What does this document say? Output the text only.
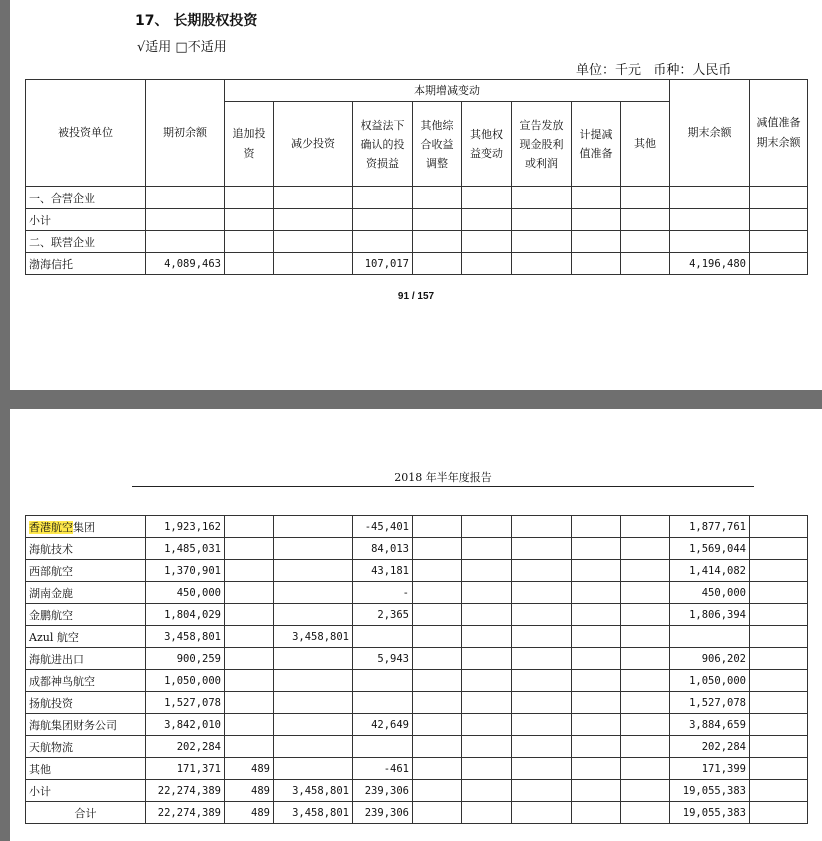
17、 长期股权投资
√适用 □不适用
单位：千元   币种：人民币
被投资单位	期初余额	本期增减变动								期末余额	减值准备期末余额
		追加投资	减少投资	权益法下确认的投资损益	其他综合收益调整	其他权益变动	宣告发放现金股利或利润	计提减值准备	其他		
一、合营企业											
小计											
二、联营企业											
渤海信托	4,089,463			107,017						4,196,480	
91 / 157
2018 年半年度报告
香港航空集团	1,923,162			-45,401						1,877,761	
海航技术	1,485,031			84,013						1,569,044	
西部航空	1,370,901			43,181						1,414,082	
湖南金鹿	450,000			-						450,000	
金鹏航空	1,804,029			2,365						1,806,394	
Azul 航空	3,458,801		3,458,801								
海航进出口	900,259			5,943						906,202	
成都神鸟航空	1,050,000									1,050,000	
扬航投资	1,527,078									1,527,078	
海航集团财务公司	3,842,010			42,649						3,884,659	
天航物流	202,284									202,284	
其他	171,371	489		-461						171,399	
小计	22,274,389	489	3,458,801	239,306						19,055,383	
合计	22,274,389	489	3,458,801	239,306						19,055,383	
